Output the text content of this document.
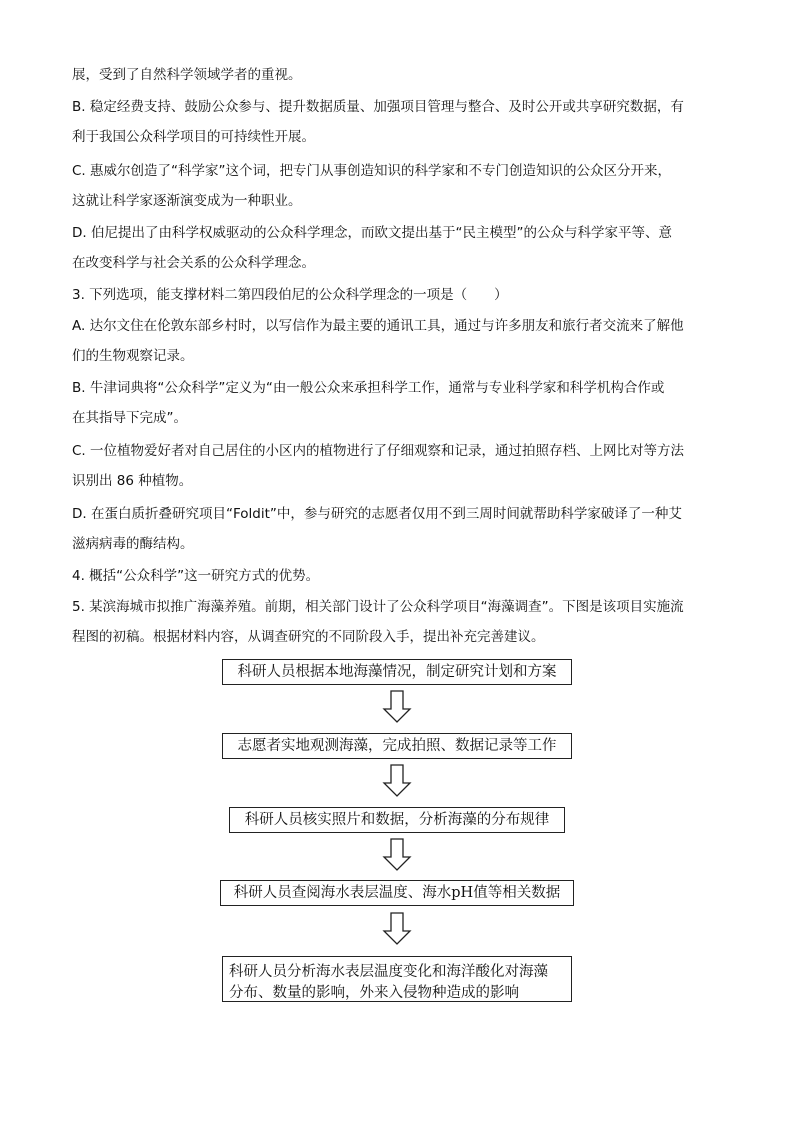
展，受到了自然科学领域学者的重视。
B. 稳定经费支持、鼓励公众参与、提升数据质量、加强项目管理与整合、及时公开或共享研究数据，有
利于我国公众科学项目的可持续性开展。
C. 惠威尔创造了“科学家”这个词，把专门从事创造知识的科学家和不专门创造知识的公众区分开来，
这就让科学家逐渐演变成为一种职业。
D. 伯尼提出了由科学权威驱动的公众科学理念，而欧文提出基于“民主模型”的公众与科学家平等、意
在改变科学与社会关系的公众科学理念。
3. 下列选项，能支撑材料二第四段伯尼的公众科学理念的一项是（　　）
A. 达尔文住在伦敦东部乡村时，以写信作为最主要的通讯工具，通过与许多朋友和旅行者交流来了解他
们的生物观察记录。
B. 牛津词典将“公众科学”定义为“由一般公众来承担科学工作，通常与专业科学家和科学机构合作或
在其指导下完成”。
C. 一位植物爱好者对自己居住的小区内的植物进行了仔细观察和记录，通过拍照存档、上网比对等方法
识别出 86 种植物。
D. 在蛋白质折叠研究项目“Foldit”中，参与研究的志愿者仅用不到三周时间就帮助科学家破译了一种艾
滋病病毒的酶结构。
4. 概括“公众科学”这一研究方式的优势。
5. 某滨海城市拟推广海藻养殖。前期，相关部门设计了公众科学项目“海藻调查”。下图是该项目实施流
程图的初稿。根据材料内容，从调查研究的不同阶段入手，提出补充完善建议。
科研人员根据本地海藻情况，制定研究计划和方案
志愿者实地观测海藻，完成拍照、数据记录等工作
科研人员核实照片和数据，分析海藻的分布规律
科研人员查阅海水表层温度、海水pH值等相关数据
科研人员分析海水表层温度变化和海洋酸化对海藻
分布、数量的影响，外来入侵物种造成的影响
